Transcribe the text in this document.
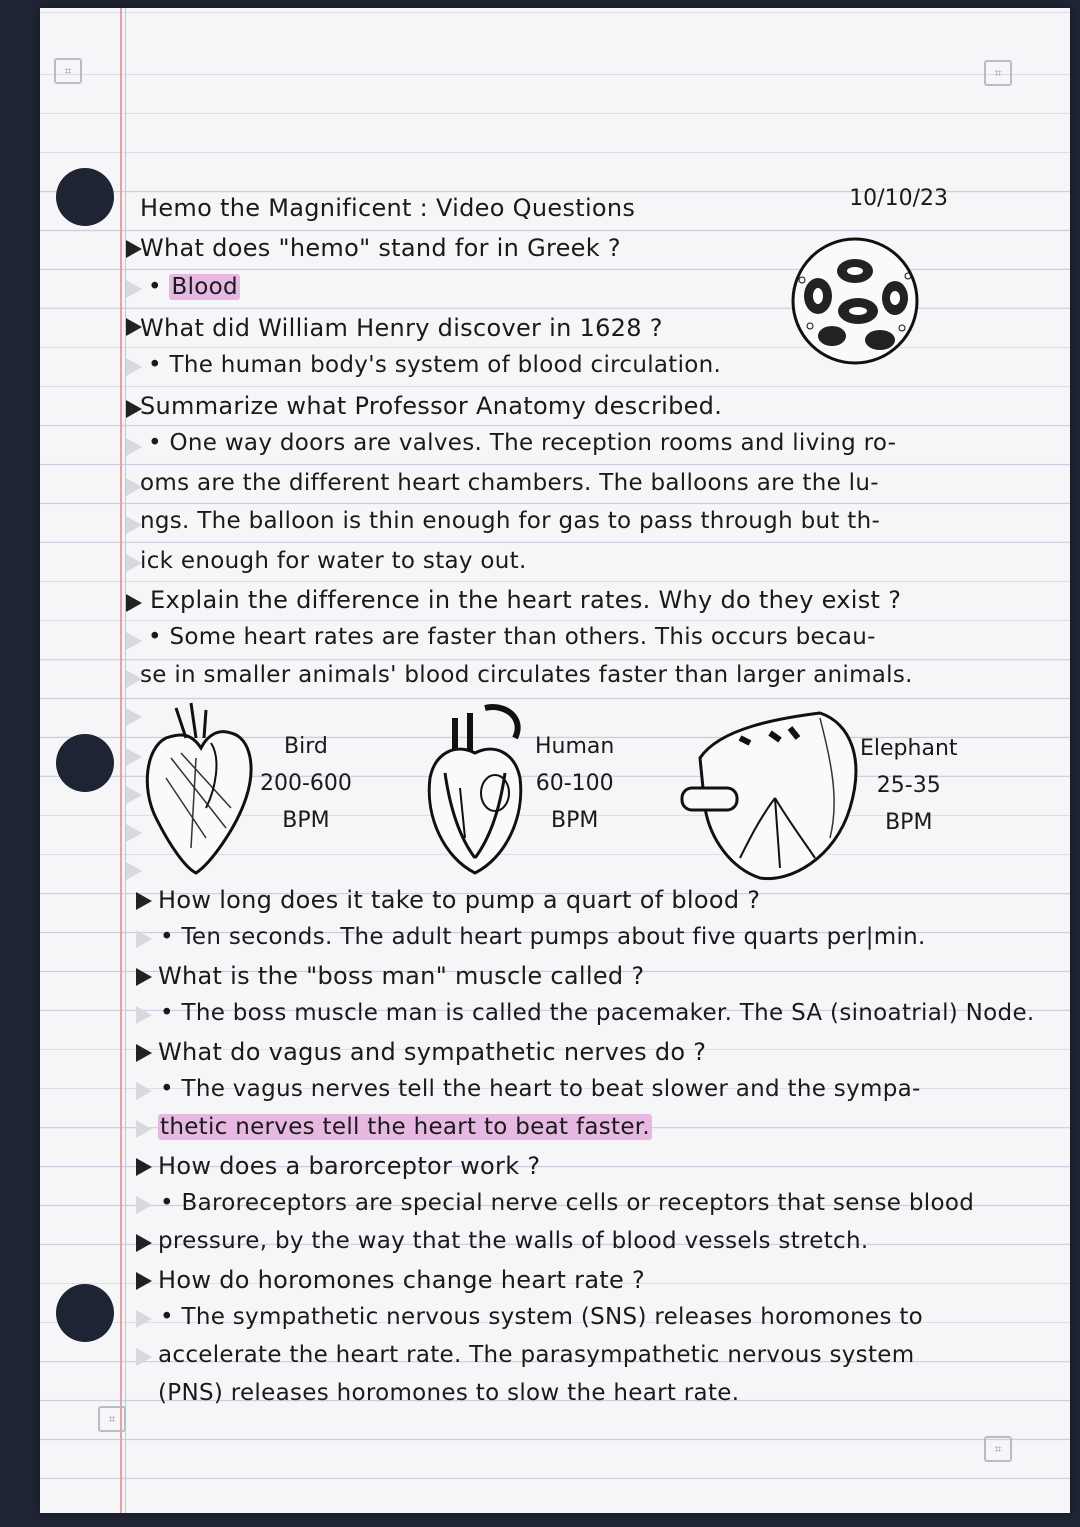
⌗	⌗
⌗
⌗
Hemo the Magnificent : Video Questions	10/10/23
What does "hemo" stand for in Greek ?
• Blood
What did William Henry discover in 1628 ?
• The human body's system of blood circulation.
Summarize what Professor Anatomy described.
• One way doors are valves. The reception rooms and living ro-
oms are the different heart chambers. The balloons are the lu-
ngs. The balloon is thin enough for gas to pass through but th-
ick enough for water to stay out.
Explain the difference in the heart rates. Why do they exist ?
• Some heart rates are faster than others. This occurs becau-
se in smaller animals' blood circulates faster than larger animals.
Bird
200-600
BPM
Human
60-100
BPM
Elephant
25-35
BPM
How long does it take to pump a quart of blood ?
• Ten seconds. The adult heart pumps about five quarts per|min.
What is the "boss man" muscle called ?
• The boss muscle man is called the pacemaker. The SA (sinoatrial) Node.
What do vagus and sympathetic nerves do ?
• The vagus nerves tell the heart to beat slower and the sympa-
thetic nerves tell the heart to beat faster.
How does a barorceptor work ?
• Baroreceptors are special nerve cells or receptors that sense blood
pressure, by the way that the walls of blood vessels stretch.
How do horomones change heart rate ?
• The sympathetic nervous system (SNS) releases horomones to
accelerate the heart rate. The parasympathetic nervous system
(PNS) releases horomones to slow the heart rate.
